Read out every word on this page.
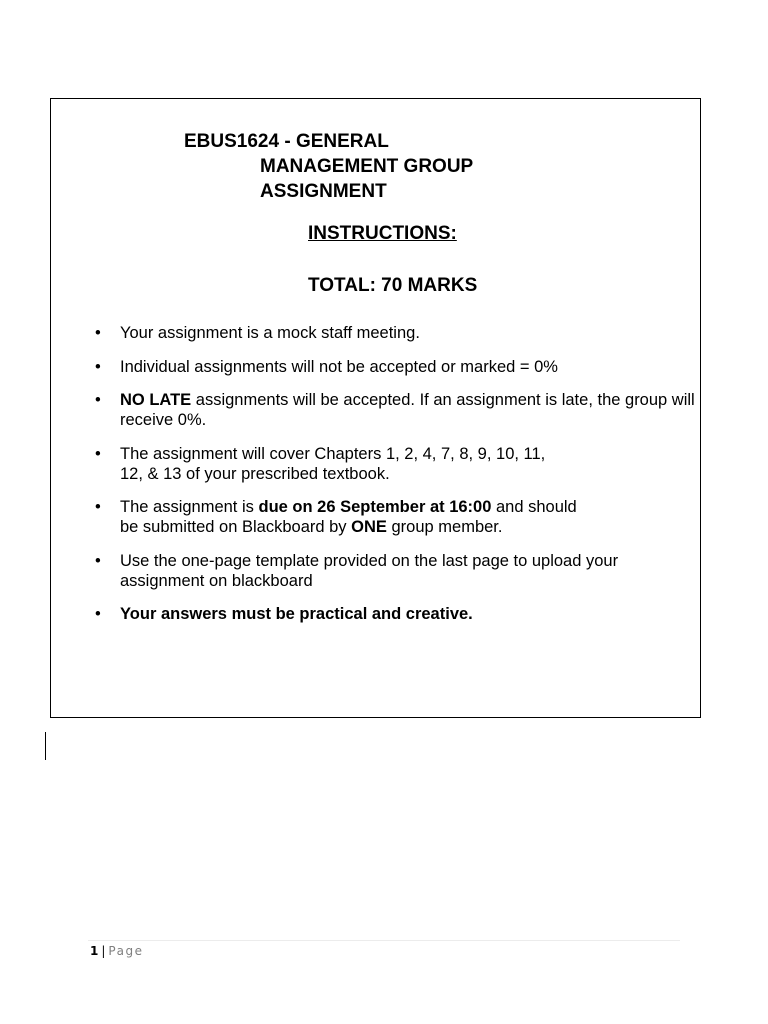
EBUS1624 - GENERAL
MANAGEMENT GROUP
ASSIGNMENT
INSTRUCTIONS:
TOTAL: 70 MARKS
• Your assignment is a mock staff meeting.
• Individual assignments will not be accepted or marked = 0%
• NO LATE assignments will be accepted. If an assignment is late, the group will receive 0%.
• The assignment will cover Chapters 1, 2, 4, 7, 8, 9, 10, 11,
12, & 13 of your prescribed textbook.
• The assignment is due on 26 September at 16:00 and should
be submitted on Blackboard by ONE group member.
• Use the one-page template provided on the last page to upload your assignment on blackboard
• Your answers must be practical and creative.
1 | Page
